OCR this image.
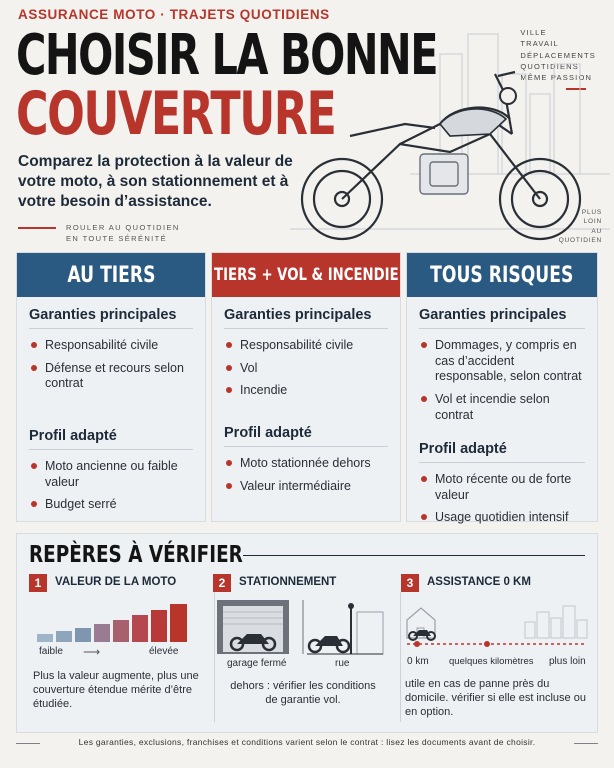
ASSURANCE MOTO · TRAJETS QUOTIDIENS
CHOISIR LA BONNE
COUVERTURE
Comparez la protection à la valeur de votre moto, à son stationnement et à votre besoin d’assistance.
ROULER AU QUOTIDIEN
EN TOUTE SÉRÉNITÉ
VILLE
TRAVAIL
DÉPLACEMENTS
QUOTIDIENS
MÊME PASSION
PLUS
LOIN
AU
QUOTIDIEN
AU TIERS
Garanties principales
Responsabilité civile
Défense et recours selon contrat
Profil adapté
Moto ancienne ou faible valeur
Budget serré
TIERS + VOL & INCENDIE
Garanties principales
Responsabilité civile
Vol
Incendie
Profil adapté
Moto stationnée dehors
Valeur intermédiaire
TOUS RISQUES
Garanties principales
Dommages, y compris en cas d’accident responsable, selon contrat
Vol et incendie selon contrat
Profil adapté
Moto récente ou de forte valeur
Usage quotidien intensif
REPÈRES À VÉRIFIER
1	VALEUR DE LA MOTO
faible ⟶	élevée
Plus la valeur augmente, plus une couverture étendue mérite d’être étudiée.
2	STATIONNEMENT
garage fermé	rue
dehors : vérifier les conditions de garantie vol.
3	ASSISTANCE 0 KM
0 km quelques kilomètres plus loin
utile en cas de panne près du domicile. vérifier si elle est incluse ou en option.
Les garanties, exclusions, franchises et conditions varient selon le contrat : lisez les documents avant de choisir.
